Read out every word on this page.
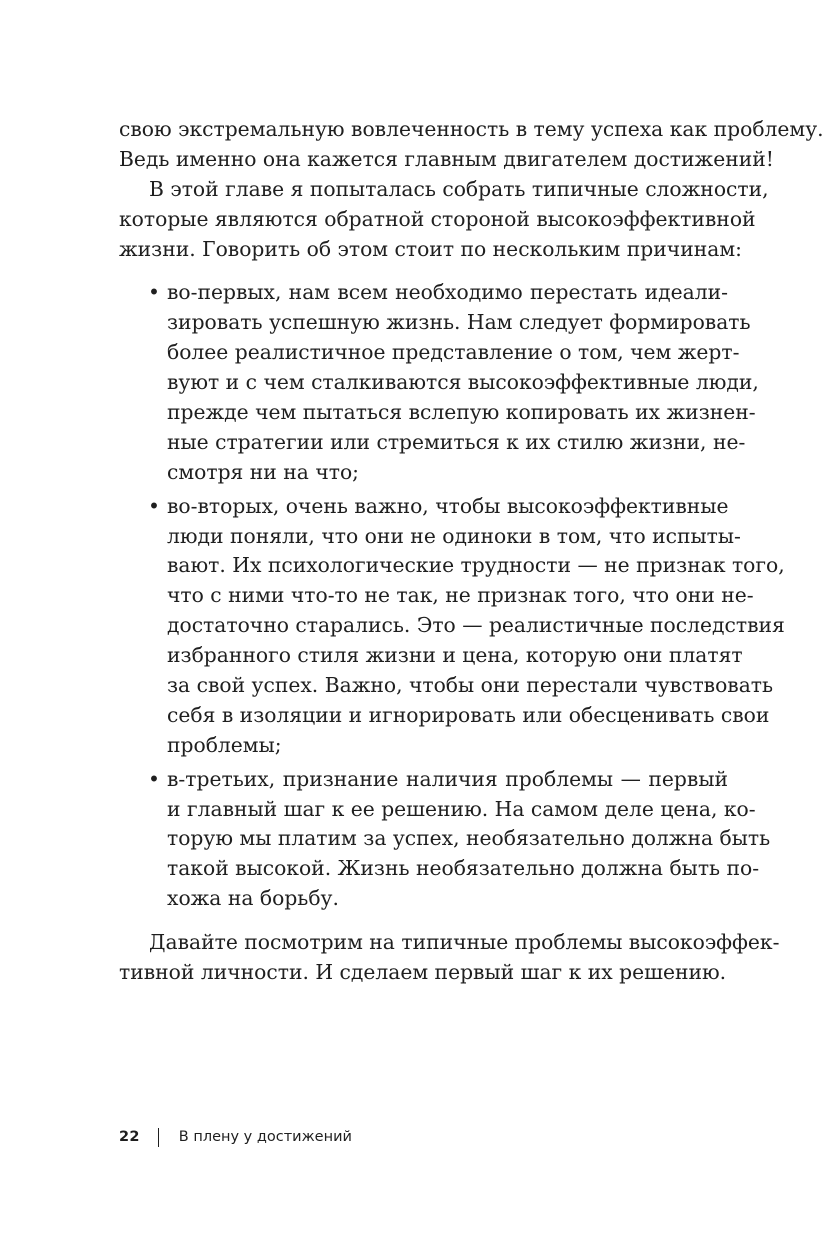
свою экстремальную вовлеченность в тему успеха как проблему.
Ведь именно она кажется главным двигателем достижений!
В этой главе я попыталась собрать типичные сложности,
которые являются обратной стороной высокоэффективной
жизни. Говорить об этом стоит по нескольким причинам:
• во-первых, нам всем необходимо перестать идеали-
зировать успешную жизнь. Нам следует формировать
более реалистичное представление о том, чем жерт-
вуют и с чем сталкиваются высокоэффективные люди,
прежде чем пытаться вслепую копировать их жизнен-
ные стратегии или стремиться к их стилю жизни, не-
смотря ни на что;
• во-вторых, очень важно, чтобы высокоэффективные
люди поняли, что они не одиноки в том, что испыты-
вают. Их психологические трудности — не признак того,
что с ними что-то не так, не признак того, что они не-
достаточно старались. Это — реалистичные последствия
избранного стиля жизни и цена, которую они платят
за свой успех. Важно, чтобы они перестали чувствовать
себя в изоляции и игнорировать или обесценивать свои
проблемы;
• в-третьих, признание наличия проблемы — первый
и главный шаг к ее решению. На самом деле цена, ко-
торую мы платим за успех, необязательно должна быть
такой высокой. Жизнь необязательно должна быть по-
хожа на борьбу.
Давайте посмотрим на типичные проблемы высокоэффек-
тивной личности. И сделаем первый шаг к их решению.
22	В плену у достижений
